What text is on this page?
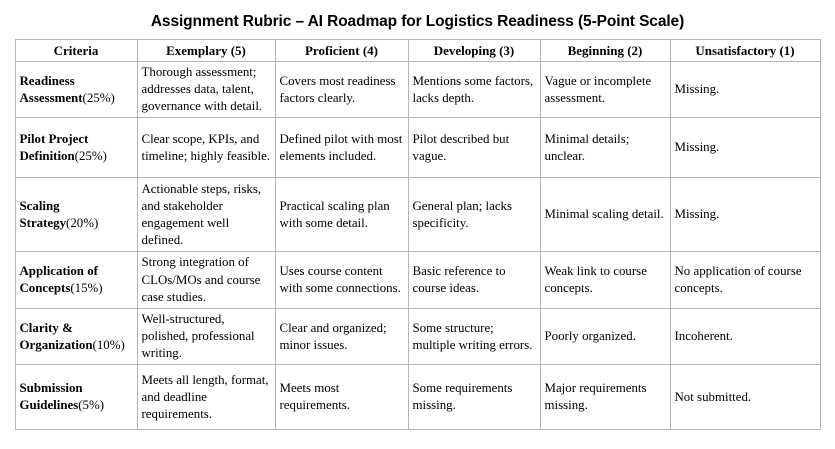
Assignment Rubric – AI Roadmap for Logistics Readiness (5-Point Scale)
Criteria	Exemplary (5)	Proficient (4)	Developing (3)	Beginning (2)	Unsatisfactory (1)
Readiness Assessment(25%)	Thorough assessment; addresses data, talent, governance with detail.	Covers most readiness factors clearly.	Mentions some factors, lacks depth.	Vague or incomplete assessment.	Missing.
Pilot Project Definition(25%)	Clear scope, KPIs, and timeline; highly feasible.	Defined pilot with most elements included.	Pilot described but vague.	Minimal details; unclear.	Missing.
Scaling Strategy(20%)	Actionable steps, risks, and stakeholder engagement well defined.	Practical scaling plan with some detail.	General plan; lacks specificity.	Minimal scaling detail.	Missing.
Application of Concepts(15%)	Strong integration of CLOs/MOs and course case studies.	Uses course content with some connections.	Basic reference to course ideas.	Weak link to course concepts.	No application of course concepts.
Clarity & Organization(10%)	Well-structured, polished, professional writing.	Clear and organized; minor issues.	Some structure; multiple writing errors.	Poorly organized.	Incoherent.
Submission Guidelines(5%)	Meets all length, format, and deadline requirements.	Meets most requirements.	Some requirements missing.	Major requirements missing.	Not submitted.
